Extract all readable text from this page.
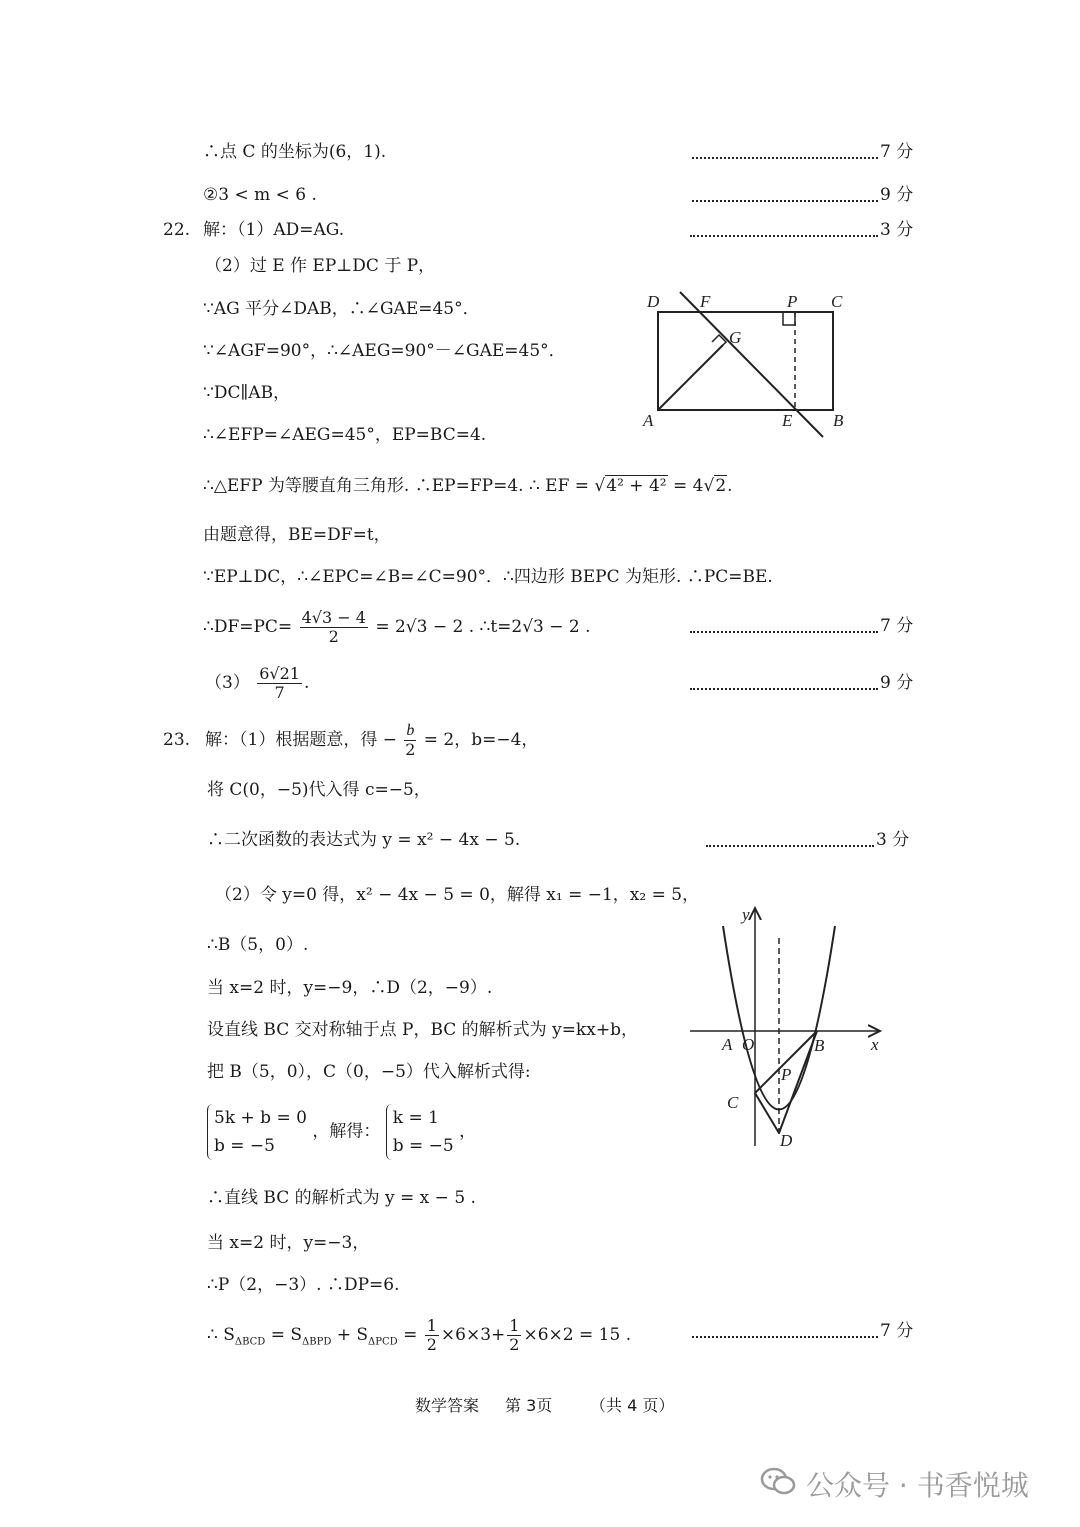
∴点 C 的坐标为(6，1).	7 分
②3 < m < 6 .	9 分
22. 解：（1）AD=AG.	3 分
（2）过 E 作 EP⊥DC 于 P，
∵AG 平分∠DAB，∴∠GAE=45°．
∵∠AGF=90°，∴∠AEG=90°－∠GAE=45°．
∵DC∥AB，
∴∠EFP=∠AEG=45°，EP=BC=4.
D F	P C
G
A	E B
∴△EFP 为等腰直角三角形. ∴EP=FP=4. ∴ EF = √4² + 4² = 4√2.
由题意得，BE=DF=t，
∵EP⊥DC，∴∠EPC=∠B=∠C=90°．∴四边形 BEPC 为矩形. ∴PC=BE.
∴DF=PC= $\frac{4√3 - 4}{2} = 2√3 - 2$ . ∴t=2√3 − 2 .	7 分
$(3) \frac{6√21}{7}$ .	9 分
23. 解：（1）根据题意，得 − $\frac{b}{2} = 2$，b=−4，
将 C(0，−5)代入得 c=−5，
∴二次函数的表达式为 y = x² − 4x − 5.	3 分
（2）令 y=0 得，x² − 4x − 5 = 0，解得 x₁ = −1，x₂ = 5，
∴B（5，0）.
当 x=2 时，y=−9，∴D（2，−9）.
设直线 BC 交对称轴于点 P，BC 的解析式为 y=kx+b，
把 B（5，0），C（0，−5）代入解析式得:
5k + b = 0
b = −5
，解得：
k = 1
b = −5
，
y
x
A O	B
P
C
D
∴直线 BC 的解析式为 y = x − 5 .
当 x=2 时，y=−3，
∴P（2，−3）. ∴DP=6.
∴ $S_{\Delta BCD} = S_{\Delta BPD} + S_{\Delta PCD} = \frac{1}{2} \times 6\times 3+ \frac{1}{2} \times 6\times 2 = 15$ .	7 分
数学答案 第 3页 （共 4 页）
公众号 · 书香悦城
